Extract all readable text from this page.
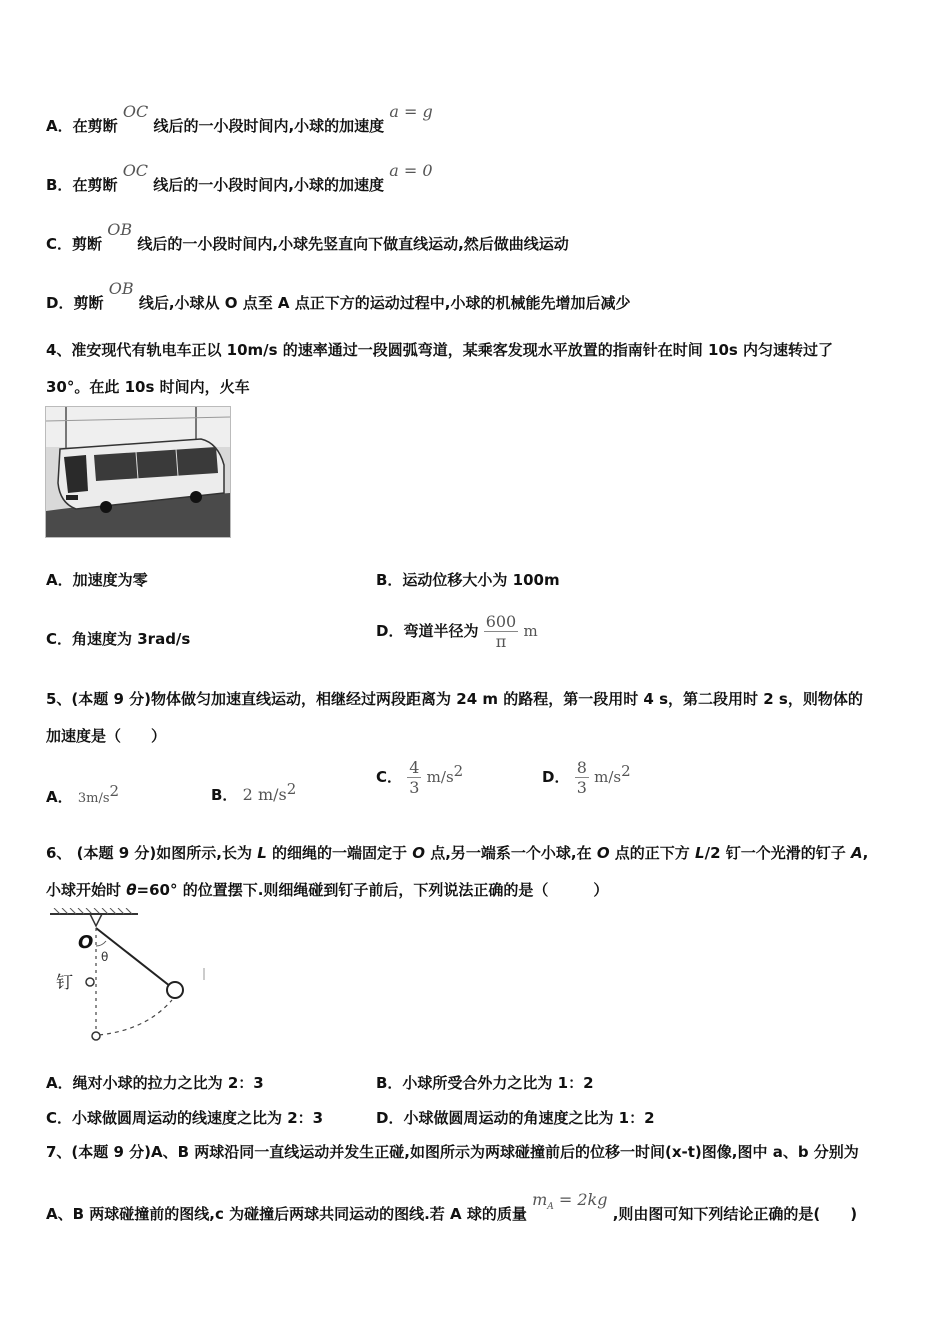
A．在剪断 OC 线后的一小段时间内,小球的加速度 a = g
B．在剪断 OC 线后的一小段时间内,小球的加速度 a = 0
C．剪断 OB 线后的一小段时间内,小球先竖直向下做直线运动,然后做曲线运动
D．剪断 OB 线后,小球从 O 点至 A 点正下方的运动过程中,小球的机械能先增加后减少
4、准安现代有轨电车正以 10m/s 的速率通过一段圆弧弯道，某乘客发现水平放置的指南针在时间 10s 内匀速转过了
30°。在此 10s 时间内，火车
A．加速度为零	B．运动位移大小为 100m
C．角速度为 3rad/s	D．弯道半径为 $\frac{600}{\pi}$ m
5、(本题 9 分)物体做匀加速直线运动，相继经过两段距离为 24 m 的路程，第一段用时 4 s，第二段用时 2 s，则物体的
加速度是（　　）
A． $3m/s^2$	B． 2 $m/s^2$
C． $\frac{4}{3} m/s^2$	D． $\frac{8}{3} m/s^2$
6、 (本题 9 分)如图所示,长为 L 的细绳的一端固定于 O 点,另一端系一个小球,在 O 点的正下方 L/2 钉一个光滑的钉子 A,
小球开始时 θ=60° 的位置摆下.则细绳碰到钉子前后，下列说法正确的是（　　　）
O
θ
钉
A．绳对小球的拉力之比为 2：3	B．小球所受合外力之比为 1：2
C．小球做圆周运动的线速度之比为 2：3	D．小球做圆周运动的角速度之比为 1：2
7、(本题 9 分)A、B 两球沿同一直线运动并发生正碰,如图所示为两球碰撞前后的位移一时间(x-t)图像,图中 a、b 分别为
A、B 两球碰撞前的图线,c 为碰撞后两球共同运动的图线.若 A 球的质量 $m_A = 2kg$ ,则由图可知下列结论正确的是(　　)
